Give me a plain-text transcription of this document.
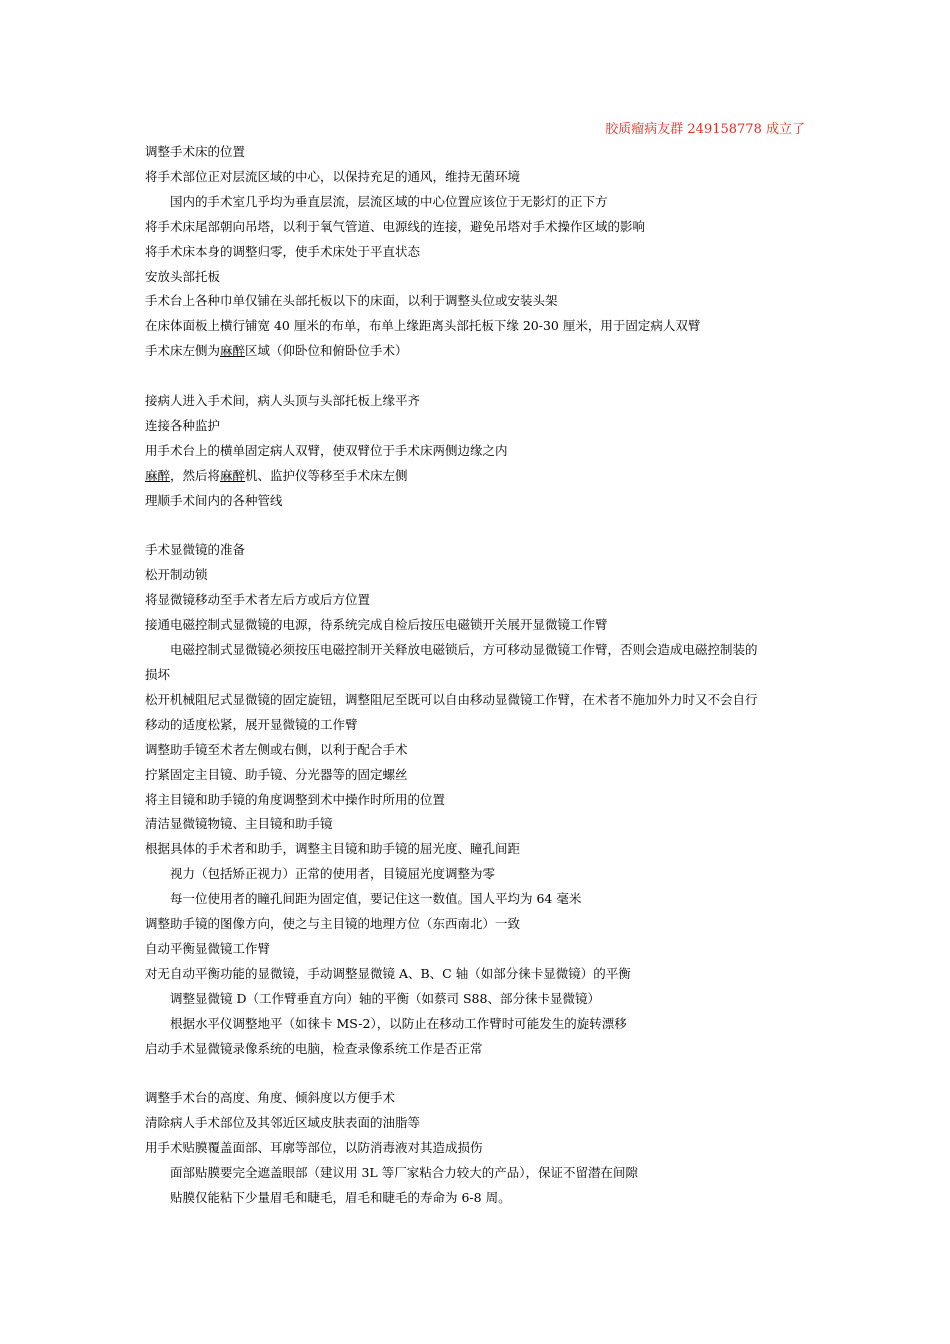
胶质瘤病友群 249158778 成立了
调整手术床的位置
将手术部位正对层流区域的中心，以保持充足的通风，维持无菌环境
国内的手术室几乎均为垂直层流，层流区域的中心位置应该位于无影灯的正下方
将手术床尾部朝向吊塔，以利于氧气管道、电源线的连接，避免吊塔对手术操作区域的影响
将手术床本身的调整归零，使手术床处于平直状态
安放头部托板
手术台上各种巾单仅铺在头部托板以下的床面，以利于调整头位或安装头架
在床体面板上横行铺宽 40 厘米的布单，布单上缘距离头部托板下缘 20-30 厘米，用于固定病人双臂
手术床左侧为麻醉区域（仰卧位和俯卧位手术）
接病人进入手术间，病人头顶与头部托板上缘平齐
连接各种监护
用手术台上的横单固定病人双臂，使双臂位于手术床两侧边缘之内
麻醉，然后将麻醉机、监护仪等移至手术床左侧
理顺手术间内的各种管线
手术显微镜的准备
松开制动锁
将显微镜移动至手术者左后方或后方位置
接通电磁控制式显微镜的电源，待系统完成自检后按压电磁锁开关展开显微镜工作臂
电磁控制式显微镜必须按压电磁控制开关释放电磁锁后，方可移动显微镜工作臂，否则会造成电磁控制装的
损坏
松开机械阻尼式显微镜的固定旋钮，调整阻尼至既可以自由移动显微镜工作臂，在术者不施加外力时又不会自行
移动的适度松紧，展开显微镜的工作臂
调整助手镜至术者左侧或右侧，以利于配合手术
拧紧固定主目镜、助手镜、分光器等的固定螺丝
将主目镜和助手镜的角度调整到术中操作时所用的位置
清洁显微镜物镜、主目镜和助手镜
根据具体的手术者和助手，调整主目镜和助手镜的屈光度、瞳孔间距
视力（包括矫正视力）正常的使用者，目镜屈光度调整为零
每一位使用者的瞳孔间距为固定值，要记住这一数值。国人平均为 64 毫米
调整助手镜的图像方向，使之与主目镜的地理方位（东西南北）一致
自动平衡显微镜工作臂
对无自动平衡功能的显微镜，手动调整显微镜 A、B、C 轴（如部分徕卡显微镜）的平衡
调整显微镜 D（工作臂垂直方向）轴的平衡（如蔡司 S88、部分徕卡显微镜）
根据水平仪调整地平（如徕卡 MS-2），以防止在移动工作臂时可能发生的旋转漂移
启动手术显微镜录像系统的电脑，检查录像系统工作是否正常
调整手术台的高度、角度、倾斜度以方便手术
清除病人手术部位及其邻近区域皮肤表面的油脂等
用手术贴膜覆盖面部、耳廓等部位，以防消毒液对其造成损伤
面部贴膜要完全遮盖眼部（建议用 3L 等厂家粘合力较大的产品），保证不留潜在间隙
贴膜仅能粘下少量眉毛和睫毛，眉毛和睫毛的寿命为 6-8 周。
